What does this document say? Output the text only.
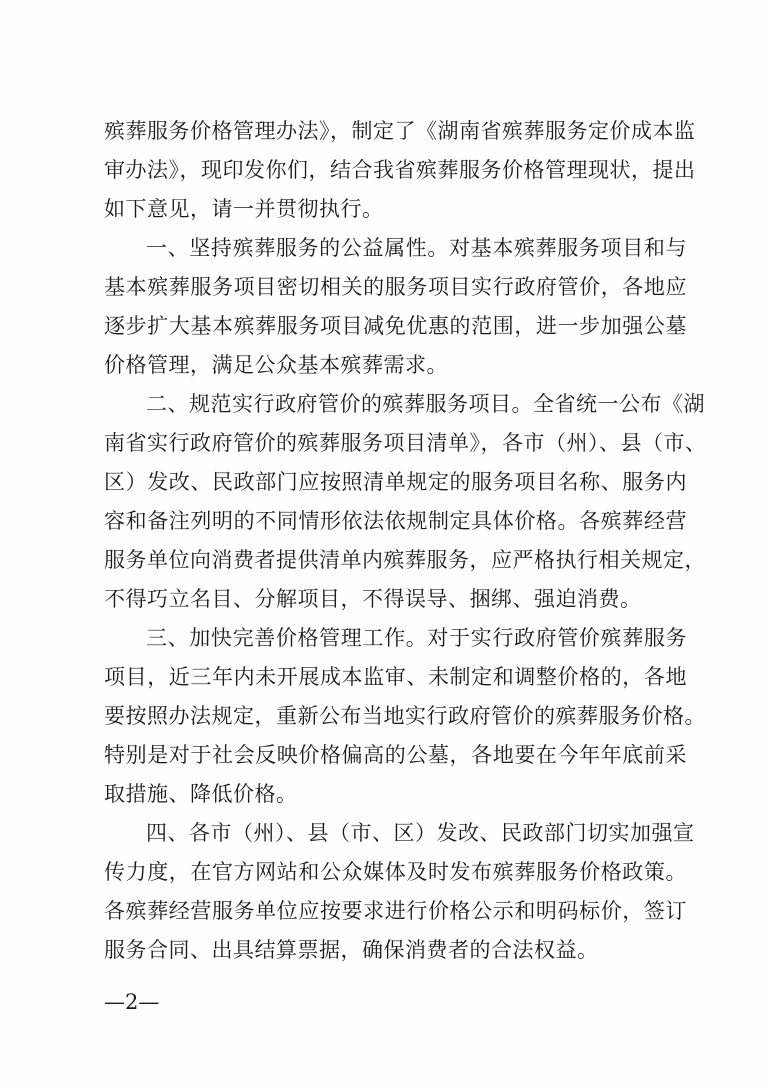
殡葬服务价格管理办法》，制定了《湖南省殡葬服务定价成本监
审办法》，现印发你们，结合我省殡葬服务价格管理现状，提出
如下意见，请一并贯彻执行。
一、坚持殡葬服务的公益属性。对基本殡葬服务项目和与
基本殡葬服务项目密切相关的服务项目实行政府管价，各地应
逐步扩大基本殡葬服务项目减免优惠的范围，进一步加强公墓
价格管理，满足公众基本殡葬需求。
二、规范实行政府管价的殡葬服务项目。全省统一公布《湖
南省实行政府管价的殡葬服务项目清单》，各市（州）、县（市、
区）发改、民政部门应按照清单规定的服务项目名称、服务内
容和备注列明的不同情形依法依规制定具体价格。各殡葬经营
服务单位向消费者提供清单内殡葬服务，应严格执行相关规定，
不得巧立名目、分解项目，不得误导、捆绑、强迫消费。
三、加快完善价格管理工作。对于实行政府管价殡葬服务
项目，近三年内未开展成本监审、未制定和调整价格的，各地
要按照办法规定，重新公布当地实行政府管价的殡葬服务价格。
特别是对于社会反映价格偏高的公墓，各地要在今年年底前采
取措施、降低价格。
四、各市（州）、县（市、区）发改、民政部门切实加强宣
传力度，在官方网站和公众媒体及时发布殡葬服务价格政策。
各殡葬经营服务单位应按要求进行价格公示和明码标价，签订
服务合同、出具结算票据，确保消费者的合法权益。
—2—
